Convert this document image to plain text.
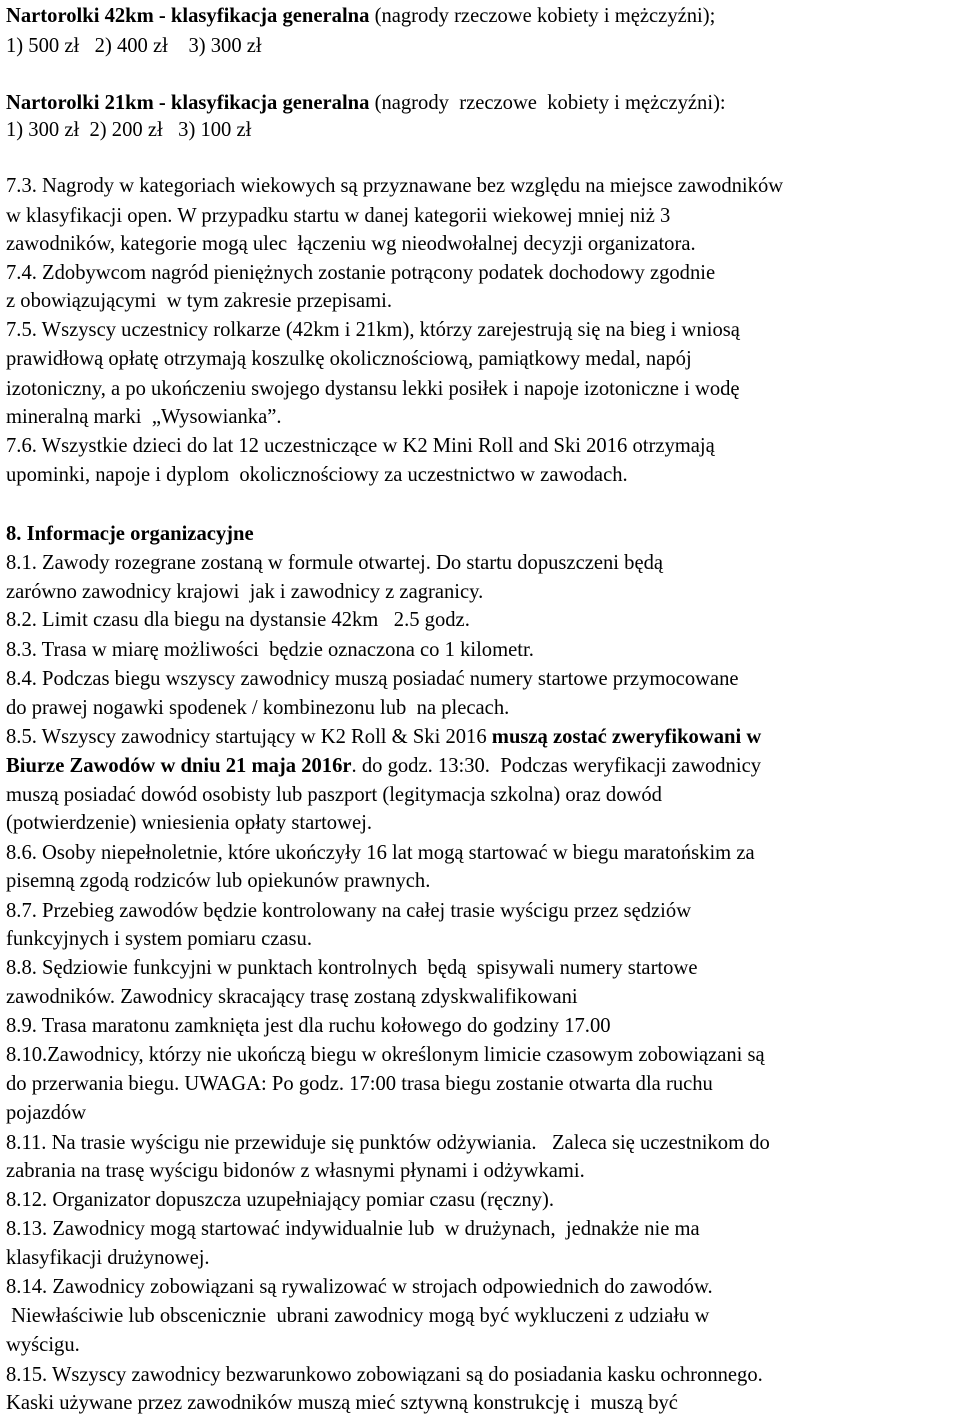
Nartorolki 42km - klasyfikacja generalna (nagrody rzeczowe kobiety i mężczyźni);
1) 500 zł   2) 400 zł    3) 300 zł
Nartorolki 21km - klasyfikacja generalna (nagrody  rzeczowe  kobiety i mężczyźni):
1) 300 zł  2) 200 zł   3) 100 zł
7.3. Nagrody w kategoriach wiekowych są przyznawane bez względu na miejsce zawodników
w klasyfikacji open. W przypadku startu w danej kategorii wiekowej mniej niż 3
zawodników, kategorie mogą ulec  łączeniu wg nieodwołalnej decyzji organizatora.
7.4. Zdobywcom nagród pieniężnych zostanie potrącony podatek dochodowy zgodnie
z obowiązującymi  w tym zakresie przepisami.
7.5. Wszyscy uczestnicy rolkarze (42km i 21km), którzy zarejestrują się na bieg i wniosą
prawidłową opłatę otrzymają koszulkę okolicznościową, pamiątkowy medal, napój
izotoniczny, a po ukończeniu swojego dystansu lekki posiłek i napoje izotoniczne i wodę
mineralną marki  „Wysowianka”.
7.6. Wszystkie dzieci do lat 12 uczestniczące w K2 Mini Roll and Ski 2016 otrzymają
upominki, napoje i dyplom  okolicznościowy za uczestnictwo w zawodach.
8. Informacje organizacyjne
8.1. Zawody rozegrane zostaną w formule otwartej. Do startu dopuszczeni będą
zarówno zawodnicy krajowi  jak i zawodnicy z zagranicy.
8.2. Limit czasu dla biegu na dystansie 42km   2.5 godz.
8.3. Trasa w miarę możliwości  będzie oznaczona co 1 kilometr.
8.4. Podczas biegu wszyscy zawodnicy muszą posiadać numery startowe przymocowane
do prawej nogawki spodenek / kombinezonu lub  na plecach.
8.5. Wszyscy zawodnicy startujący w K2 Roll & Ski 2016 muszą zostać zweryfikowani w
Biurze Zawodów w dniu 21 maja 2016r. do godz. 13:30.  Podczas weryfikacji zawodnicy
muszą posiadać dowód osobisty lub paszport (legitymacja szkolna) oraz dowód
(potwierdzenie) wniesienia opłaty startowej.
8.6. Osoby niepełnoletnie, które ukończyły 16 lat mogą startować w biegu maratońskim za
pisemną zgodą rodziców lub opiekunów prawnych.
8.7. Przebieg zawodów będzie kontrolowany na całej trasie wyścigu przez sędziów
funkcyjnych i system pomiaru czasu.
8.8. Sędziowie funkcyjni w punktach kontrolnych  będą  spisywali numery startowe
zawodników. Zawodnicy skracający trasę zostaną zdyskwalifikowani
8.9. Trasa maratonu zamknięta jest dla ruchu kołowego do godziny 17.00
8.10.Zawodnicy, którzy nie ukończą biegu w określonym limicie czasowym zobowiązani są
do przerwania biegu. UWAGA: Po godz. 17:00 trasa biegu zostanie otwarta dla ruchu
pojazdów
8.11. Na trasie wyścigu nie przewiduje się punktów odżywiania.   Zaleca się uczestnikom do
zabrania na trasę wyścigu bidonów z własnymi płynami i odżywkami.
8.12. Organizator dopuszcza uzupełniający pomiar czasu (ręczny).
8.13. Zawodnicy mogą startować indywidualnie lub  w drużynach,  jednakże nie ma
klasyfikacji drużynowej.
8.14. Zawodnicy zobowiązani są rywalizować w strojach odpowiednich do zawodów.
Niewłaściwie lub obscenicznie  ubrani zawodnicy mogą być wykluczeni z udziału w
wyścigu.
8.15. Wszyscy zawodnicy bezwarunkowo zobowiązani są do posiadania kasku ochronnego.
Kaski używane przez zawodników muszą mieć sztywną konstrukcję i  muszą być
